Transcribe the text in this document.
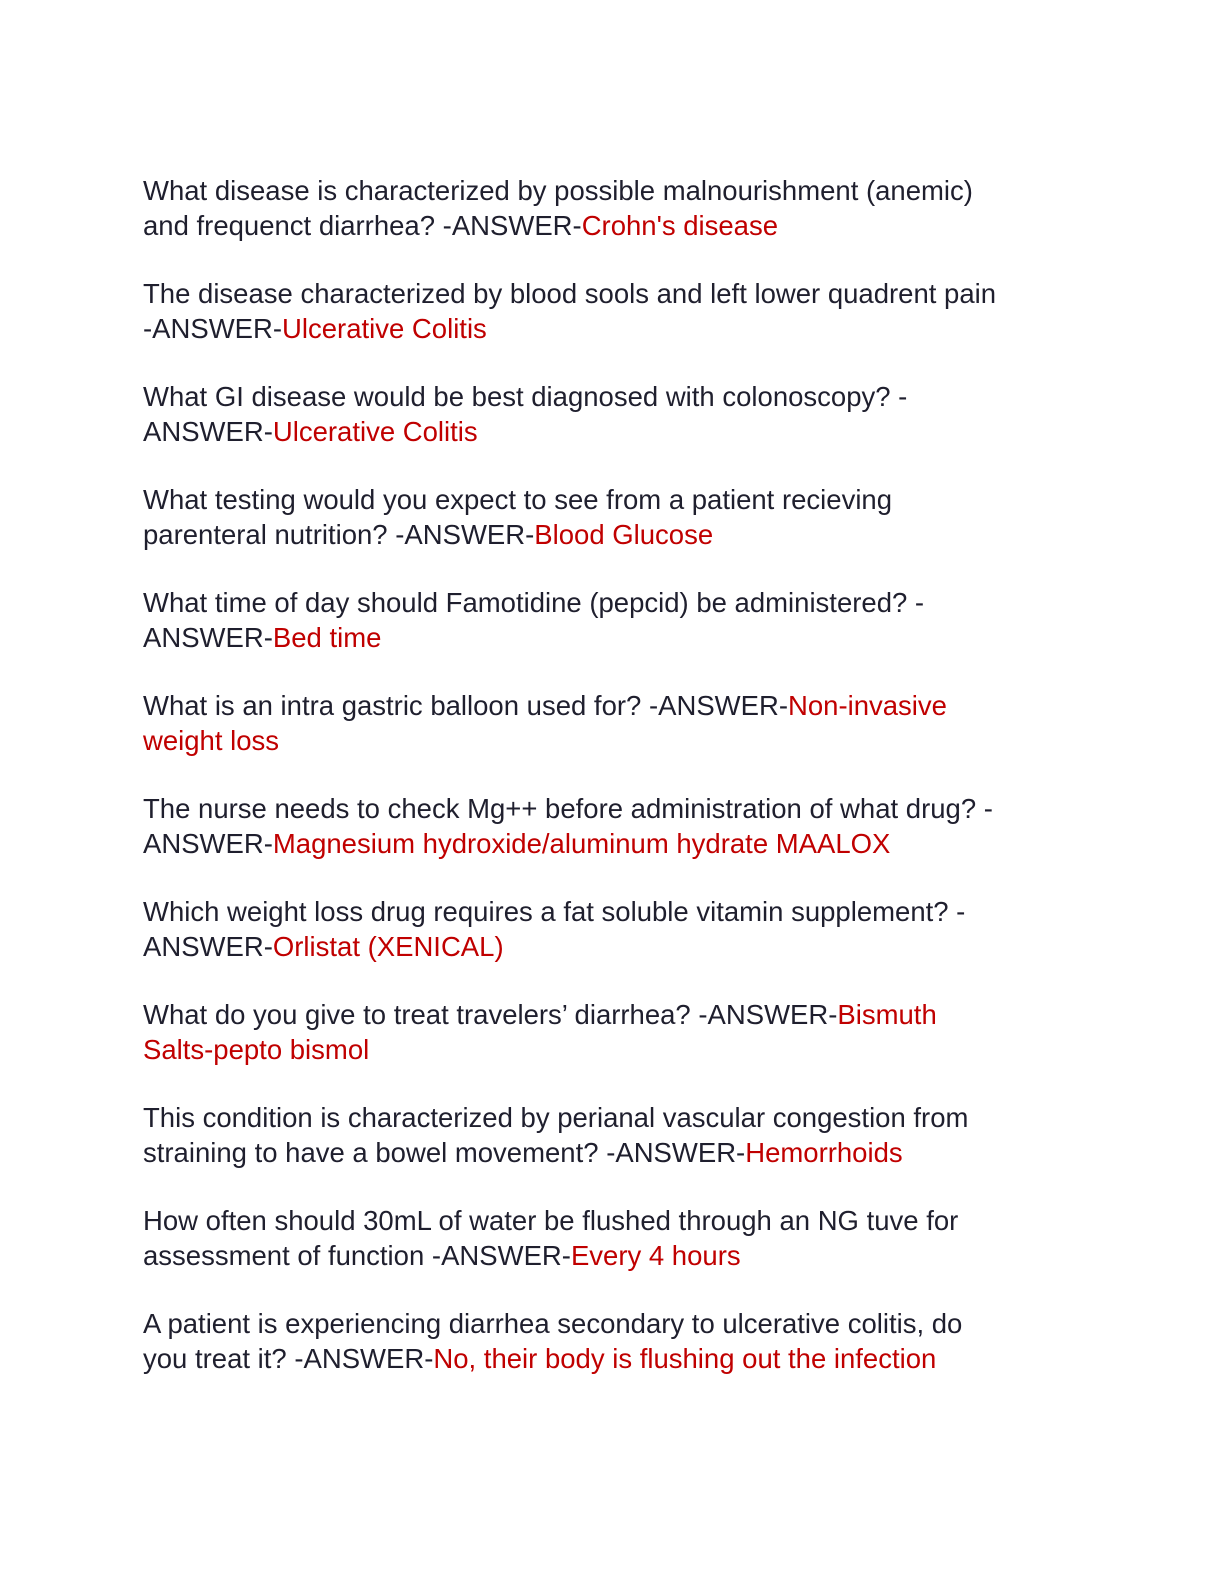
What disease is characterized by possible malnourishment (anemic)
and frequenct diarrhea? -ANSWER-Crohn's disease

The disease characterized by blood sools and left lower quadrent pain
-ANSWER-Ulcerative Colitis

What GI disease would be best diagnosed with colonoscopy? -
ANSWER-Ulcerative Colitis

What testing would you expect to see from a patient recieving
parenteral nutrition? -ANSWER-Blood Glucose

What time of day should Famotidine (pepcid) be administered? -
ANSWER-Bed time

What is an intra gastric balloon used for? -ANSWER-Non-invasive
weight loss

The nurse needs to check Mg++ before administration of what drug? -
ANSWER-Magnesium hydroxide/aluminum hydrate MAALOX

Which weight loss drug requires a fat soluble vitamin supplement? -
ANSWER-Orlistat (XENICAL)

What do you give to treat travelers’ diarrhea? -ANSWER-Bismuth
Salts-pepto bismol

This condition is characterized by perianal vascular congestion from
straining to have a bowel movement? -ANSWER-Hemorrhoids

How often should 30mL of water be flushed through an NG tuve for
assessment of function -ANSWER-Every 4 hours

A patient is experiencing diarrhea secondary to ulcerative colitis, do
you treat it? -ANSWER-No, their body is flushing out the infection
